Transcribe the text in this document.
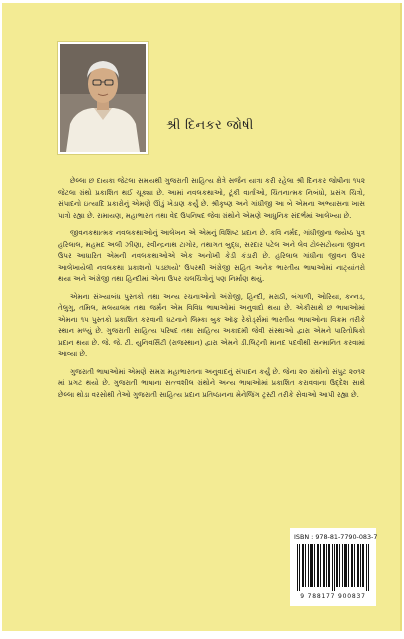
શ્રી દિનકર જોષી

છેલ્લા છ દાયકા જેટલા સમયથી ગુજરાતી સાહિત્ય ક્ષેત્રે સર્જન યાત્રા કરી રહેલા શ્રી દિનકર જોષીના ૧૫૨ જેટલા ગ્રંથો પ્રકાશિત થઈ ચૂક્યા છે. આમાં નવલકથાઓ, ટૂંકી વાર્તાઓ, ચિંતનાત્મક નિબંધો, પ્રસંગ ચિત્રો, સંપાદનો ઇત્યાદિ પ્રકારોનું એમણે ઊંડું ખેડાણ કર્યું છે. શ્રીકૃષ્ણ અને ગાંધીજી આ બે એમના અભ્યાસના ખાસ પાત્રો રહ્યા છે. રામાયણ, મહાભારત તથા વેદ ઉપનિષદ જેવા ગ્રંથોને એમણે આધુનિક સંદર્ભમાં આલેખ્યા છે.

જીવનકથાત્મક નવલકથાઓનું આલેખન એ એમનું વિશિષ્ટ પ્રદાન છે. કવિ નર્મદ, ગાંધીજીના જ્યેષ્ઠ પુત્ર હરિલાલ, મહમદ અલી ઝીણા, રવીન્દ્રનાથ ટાગોર, તથાગત બુદ્ધ, સરદાર પટેલ અને લેવ ટોલ્સટોયના જીવન ઉપર આધારિત એમની નવલકથાઓએ એક અનોખી કેડી કંડારી છે. હરિલાલ ગાંધીના જીવન ઉપર આલેખાયેલી નવલકથા પ્રકાશનો પડછાયો' ઉપરથી અંગ્રેજી સહિત અનેક ભારતીય ભાષાઓમાં નાટ્યાંતરો થયા અને અંગ્રેજી તથા હિન્દીમાં એના ઉપર ચલચિત્રોનું પણ નિર્માણ થયું.

એમના સંખ્યાબંધ પુસ્તકો તથા અન્ય રચનાઓનો અંગ્રેજી, હિન્દી, મરાઠી, બંગાળી, ઓરિયા, કન્નડ, તેલુગુ, તમિલ, મલયાલમ તથા જર્મન એમ વિવિધ ભાષાઓમાં અનુવાદો થયા છે. એકીસાથે છ ભાષાઓમાં એમના ૧૫ પુસ્તકો પ્રકાશિત કરવાની ઘટનાને લિમ્કા બુક ઑફ રેકોર્ડ્સમાં ભારતીય ભાષાઓના વિક્રમ તરીકે સ્થાન મળ્યું છે. ગુજરાતી સાહિત્ય પરિષદ તથા સાહિત્ય અકાદમી જેવી સંસ્થાઓ દ્વારા એમને પારિતોષિકો પ્રદાન થયા છે. જે. જે. ટી. યુનિવર્સિટી (રાજસ્થાન) દ્વારા એમને ડી.લિટ્ની માનદ પદવીથી સન્માનિત કરવામાં આવ્યા છે.

ગુજરાતી ભાષાઓમાં એમણે સમગ્ર મહાભારતના અનુવાદનું સંપાદન કર્યું છે. જેના ૨૦ ગ્રંથોનો સંપુટ ૨૦૧૨ માં પ્રગટ થયો છે. ગુજરાતી ભાષાના સત્ત્વશીલ ગ્રંથોને અન્ય ભાષાઓમાં પ્રકાશિત કરાવવાના ઉદ્દેશ સાથે છેલ્લા થોડા વરસોથી તેઓ ગુજરાતી સાહિત્ય પ્રદાન પ્રતિષ્ઠાનના મેનેજિંગ ટ્રસ્ટી તરીકે સેવાઓ આપી રહ્યા છે.

ISBN : 978-81-7790-083-7
9 788177 900837
